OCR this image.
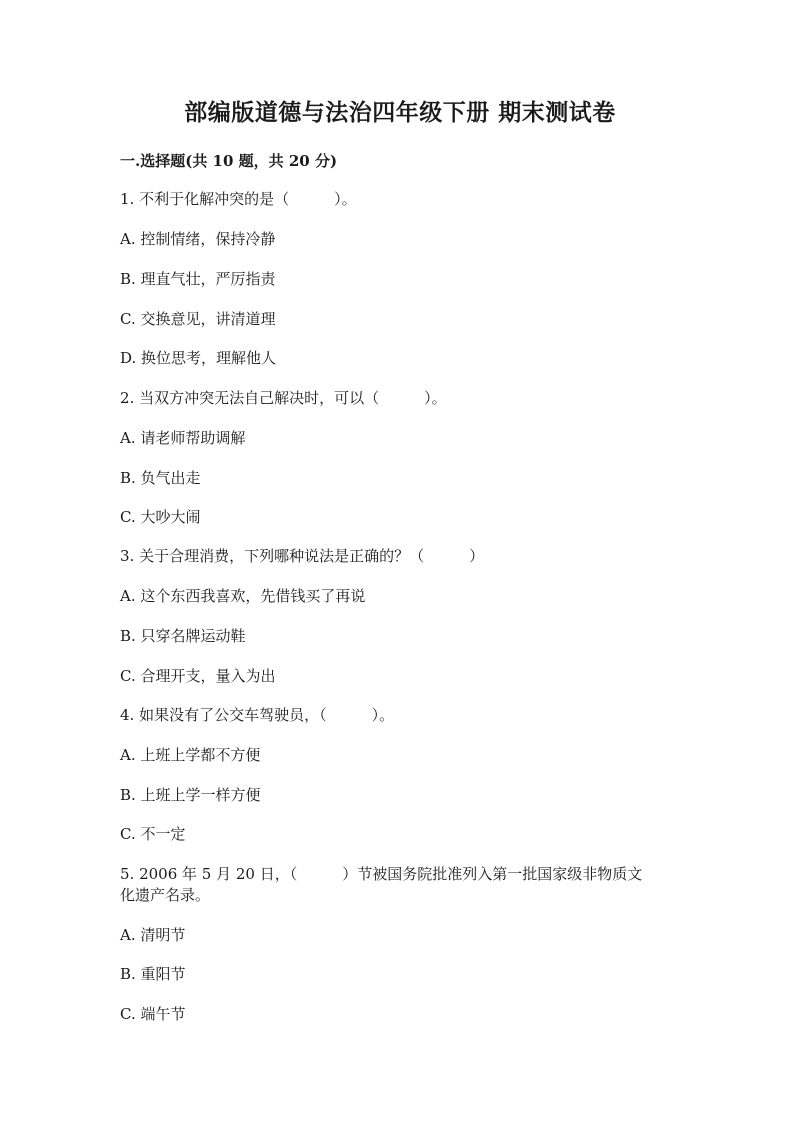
部编版道德与法治四年级下册 期末测试卷
一.选择题(共 10 题，共 20 分)
1. 不利于化解冲突的是（　　　）。
A. 控制情绪，保持冷静
B. 理直气壮，严厉指责
C. 交换意见，讲清道理
D. 换位思考，理解他人
2. 当双方冲突无法自己解决时，可以（　　　）。
A. 请老师帮助调解
B. 负气出走
C. 大吵大闹
3. 关于合理消费，下列哪种说法是正确的？（　　　）
A. 这个东西我喜欢，先借钱买了再说
B. 只穿名牌运动鞋
C. 合理开支，量入为出
4. 如果没有了公交车驾驶员，（　　　）。
A. 上班上学都不方便
B. 上班上学一样方便
C. 不一定
5. 2006 年 5 月 20 日，（　　　）节被国务院批准列入第一批国家级非物质文
化遗产名录。
A. 清明节
B. 重阳节
C. 端午节
